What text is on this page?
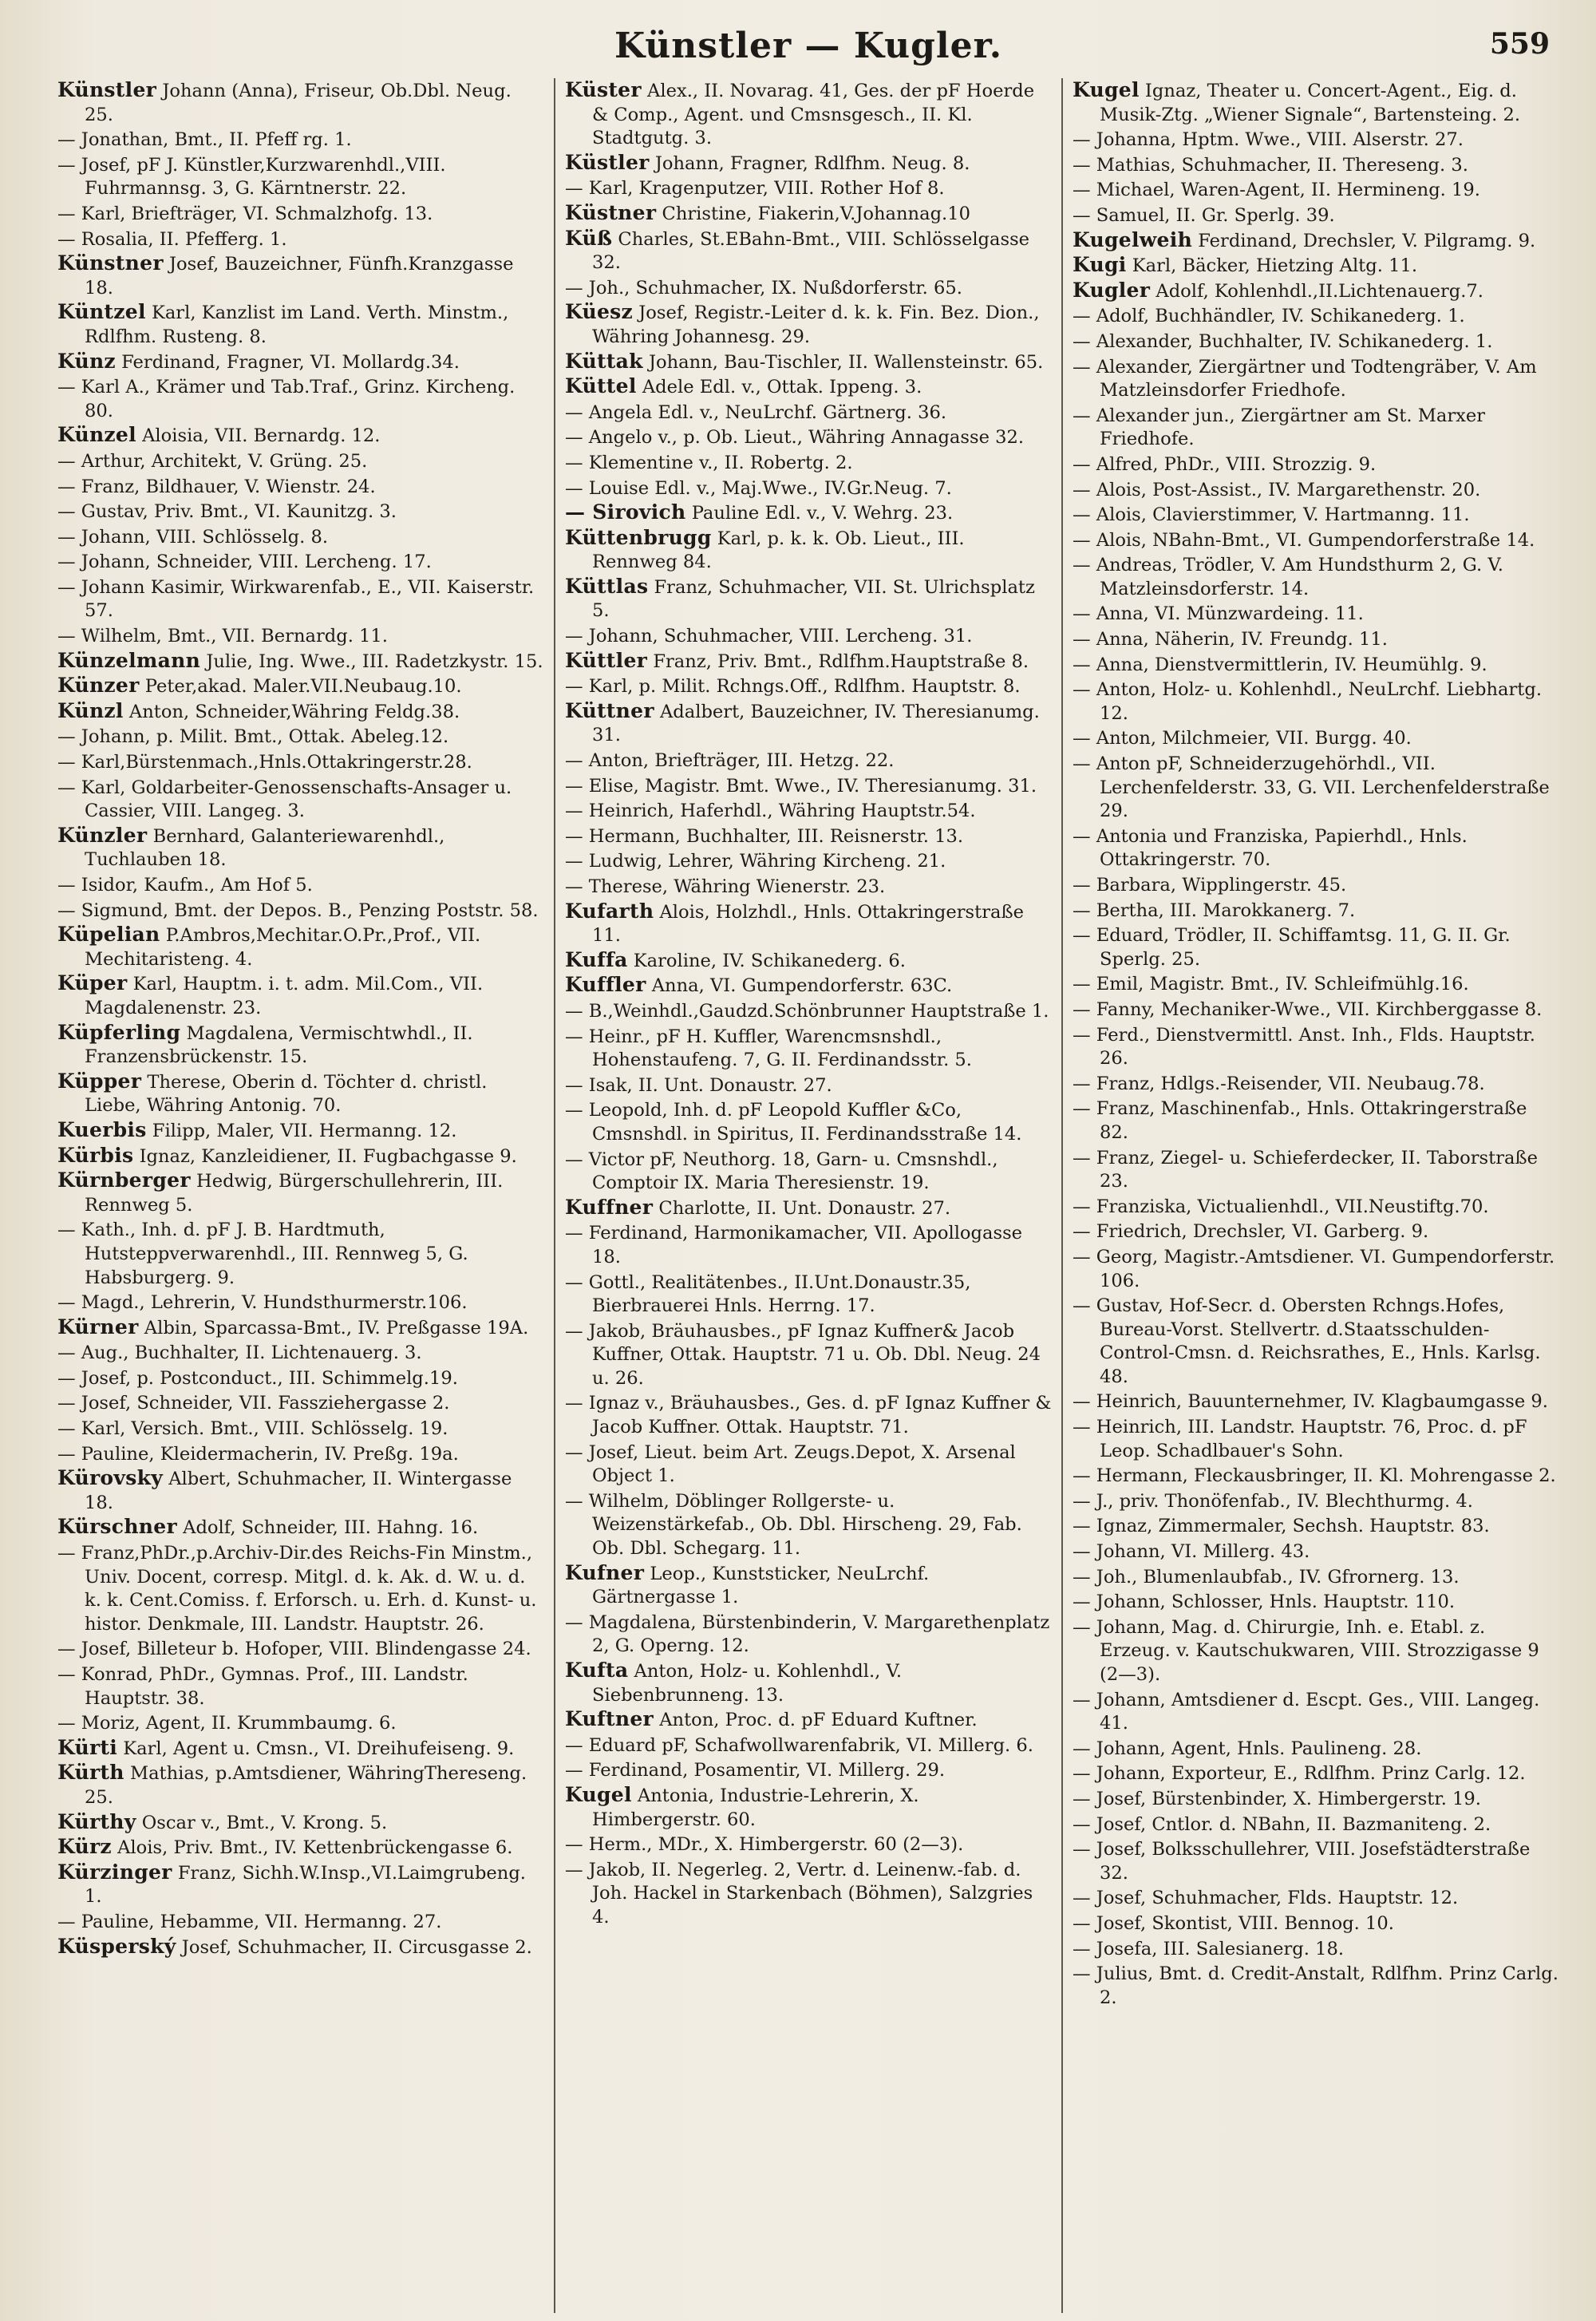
Künstler — Kugler.	559

Künstler Johann (Anna), Friseur, Ob.Dbl. Neug. 25.

— Jonathan, Bmt., II. Pfeff rg. 1.

— Josef, pF J. Künstler,Kurzwarenhdl.,VIII. Fuhrmannsg. 3, G. Kärntnerstr. 22.

— Karl, Briefträger, VI. Schmalzhofg. 13.

— Rosalia, II. Pfefferg. 1.

Künstner Josef, Bauzeichner, Fünfh.Kranzgasse 18.

Küntzel Karl, Kanzlist im Land. Verth. Minstm., Rdlfhm. Rusteng. 8.

Künz Ferdinand, Fragner, VI. Mollardg.34.

— Karl A., Krämer und Tab.Traf., Grinz. Kircheng. 80.

Künzel Aloisia, VII. Bernardg. 12.

— Arthur, Architekt, V. Grüng. 25.

— Franz, Bildhauer, V. Wienstr. 24.

— Gustav, Priv. Bmt., VI. Kaunitzg. 3.

— Johann, VIII. Schlösselg. 8.

— Johann, Schneider, VIII. Lercheng. 17.

— Johann Kasimir, Wirkwarenfab., E., VII. Kaiserstr. 57.

— Wilhelm, Bmt., VII. Bernardg. 11.

Künzelmann Julie, Ing. Wwe., III. Radetzkystr. 15.

Künzer Peter,akad. Maler.VII.Neubaug.10.

Künzl Anton, Schneider,Währing Feldg.38.

— Johann, p. Milit. Bmt., Ottak. Abeleg.12.

— Karl,Bürstenmach.,Hnls.Ottakringerstr.28.

— Karl, Goldarbeiter-Genossenschafts-Ansager u. Cassier, VIII. Langeg. 3.

Künzler Bernhard, Galanteriewarenhdl., Tuchlauben 18.

— Isidor, Kaufm., Am Hof 5.

— Sigmund, Bmt. der Depos. B., Penzing Poststr. 58.

Küpelian P.Ambros,Mechitar.O.Pr.,Prof., VII. Mechitaristeng. 4.

Küper Karl, Hauptm. i. t. adm. Mil.Com., VII. Magdalenenstr. 23.

Küpferling Magdalena, Vermischtwhdl., II. Franzensbrückenstr. 15.

Küpper Therese, Oberin d. Töchter d. christl. Liebe, Währing Antonig. 70.

Kuerbis Filipp, Maler, VII. Hermanng. 12.

Kürbis Ignaz, Kanzleidiener, II. Fugbachgasse 9.

Kürnberger Hedwig, Bürgerschullehrerin, III. Rennweg 5.

— Kath., Inh. d. pF J. B. Hardtmuth, Hutsteppverwarenhdl., III. Rennweg 5, G. Habsburgerg. 9.

— Magd., Lehrerin, V. Hundsthurmerstr.106.

Kürner Albin, Sparcassa-Bmt., IV. Preßgasse 19A.

— Aug., Buchhalter, II. Lichtenauerg. 3.

— Josef, p. Postconduct., III. Schimmelg.19.

— Josef, Schneider, VII. Fassziehergasse 2.

— Karl, Versich. Bmt., VIII. Schlösselg. 19.

— Pauline, Kleidermacherin, IV. Preßg. 19a.

Kürovsky Albert, Schuhmacher, II. Wintergasse 18.

Kürschner Adolf, Schneider, III. Hahng. 16.

— Franz,PhDr.,p.Archiv-Dir.des Reichs-Fin Minstm., Univ. Docent, corresp. Mitgl. d. k. Ak. d. W. u. d. k. k. Cent.Comiss. f. Erforsch. u. Erh. d. Kunst- u. histor. Denkmale, III. Landstr. Hauptstr. 26.

— Josef, Billeteur b. Hofoper, VIII. Blindengasse 24.

— Konrad, PhDr., Gymnas. Prof., III. Landstr. Hauptstr. 38.

— Moriz, Agent, II. Krummbaumg. 6.

Kürti Karl, Agent u. Cmsn., VI. Dreihufeiseng. 9.

Kürth Mathias, p.Amtsdiener, WähringThereseng. 25.

Kürthy Oscar v., Bmt., V. Krong. 5.

Kürz Alois, Priv. Bmt., IV. Kettenbrückengasse 6.

Kürzinger Franz, Sichh.W.Insp.,VI.Laimgrubeng. 1.

— Pauline, Hebamme, VII. Hermanng. 27.

Küsperský Josef, Schuhmacher, II. Circusgasse 2.

Küster Alex., II. Novarag. 41, Ges. der pF Hoerde & Comp., Agent. und Cmsnsgesch., II. Kl. Stadtgutg. 3.

Küstler Johann, Fragner, Rdlfhm. Neug. 8.

— Karl, Kragenputzer, VIII. Rother Hof 8.

Küstner Christine, Fiakerin,V.Johannag.10

Küß Charles, St.EBahn-Bmt., VIII. Schlösselgasse 32.

— Joh., Schuhmacher, IX. Nußdorferstr. 65.

Küesz Josef, Registr.-Leiter d. k. k. Fin. Bez. Dion., Währing Johannesg. 29.

Küttak Johann, Bau-Tischler, II. Wallensteinstr. 65.

Küttel Adele Edl. v., Ottak. Ippeng. 3.

— Angela Edl. v., NeuLrchf. Gärtnerg. 36.

— Angelo v., p. Ob. Lieut., Währing Annagasse 32.

— Klementine v., II. Robertg. 2.

— Louise Edl. v., Maj.Wwe., IV.Gr.Neug. 7.

— Sirovich Pauline Edl. v., V. Wehrg. 23.

Küttenbrugg Karl, p. k. k. Ob. Lieut., III. Rennweg 84.

Küttlas Franz, Schuhmacher, VII. St. Ulrichsplatz 5.

— Johann, Schuhmacher, VIII. Lercheng. 31.

Küttler Franz, Priv. Bmt., Rdlfhm.Hauptstraße 8.

— Karl, p. Milit. Rchngs.Off., Rdlfhm. Hauptstr. 8.

Küttner Adalbert, Bauzeichner, IV. Theresianumg. 31.

— Anton, Briefträger, III. Hetzg. 22.

— Elise, Magistr. Bmt. Wwe., IV. Theresianumg. 31.

— Heinrich, Haferhdl., Währing Hauptstr.54.

— Hermann, Buchhalter, III. Reisnerstr. 13.

— Ludwig, Lehrer, Währing Kircheng. 21.

— Therese, Währing Wienerstr. 23.

Kufarth Alois, Holzhdl., Hnls. Ottakringerstraße 11.

Kuffa Karoline, IV. Schikanederg. 6.

Kuffler Anna, VI. Gumpendorferstr. 63C.

— B.,Weinhdl.,Gaudzd.Schönbrunner Hauptstraße 1.

— Heinr., pF H. Kuffler, Warencmsnshdl., Hohenstaufeng. 7, G. II. Ferdinandsstr. 5.

— Isak, II. Unt. Donaustr. 27.

— Leopold, Inh. d. pF Leopold Kuffler &Co, Cmsnshdl. in Spiritus, II. Ferdinandsstraße 14.

— Victor pF, Neuthorg. 18, Garn- u. Cmsnshdl., Comptoir IX. Maria Theresienstr. 19.

Kuffner Charlotte, II. Unt. Donaustr. 27.

— Ferdinand, Harmonikamacher, VII. Apollogasse 18.

— Gottl., Realitätenbes., II.Unt.Donaustr.35, Bierbrauerei Hnls. Herrng. 17.

— Jakob, Bräuhausbes., pF Ignaz Kuffner& Jacob Kuffner, Ottak. Hauptstr. 71 u. Ob. Dbl. Neug. 24 u. 26.

— Ignaz v., Bräuhausbes., Ges. d. pF Ignaz Kuffner & Jacob Kuffner. Ottak. Hauptstr. 71.

— Josef, Lieut. beim Art. Zeugs.Depot, X. Arsenal Object 1.

— Wilhelm, Döblinger Rollgerste- u. Weizenstärkefab., Ob. Dbl. Hirscheng. 29, Fab. Ob. Dbl. Schegarg. 11.

Kufner Leop., Kunststicker, NeuLrchf. Gärtnergasse 1.

— Magdalena, Bürstenbinderin, V. Margarethenplatz 2, G. Operng. 12.

Kufta Anton, Holz- u. Kohlenhdl., V. Siebenbrunneng. 13.

Kuftner Anton, Proc. d. pF Eduard Kuftner.

— Eduard pF, Schafwollwarenfabrik, VI. Millerg. 6.

— Ferdinand, Posamentir, VI. Millerg. 29.

Kugel Antonia, Industrie-Lehrerin, X. Himbergerstr. 60.

— Herm., MDr., X. Himbergerstr. 60 (2—3).

— Jakob, II. Negerleg. 2, Vertr. d. Leinenw.-fab. d. Joh. Hackel in Starkenbach (Böhmen), Salzgries 4.

Kugel Ignaz, Theater u. Concert-Agent., Eig. d. Musik-Ztg. „Wiener Signale“, Bartensteing. 2.

— Johanna, Hptm. Wwe., VIII. Alserstr. 27.

— Mathias, Schuhmacher, II. Thereseng. 3.

— Michael, Waren-Agent, II. Hermineng. 19.

— Samuel, II. Gr. Sperlg. 39.

Kugelweih Ferdinand, Drechsler, V. Pilgramg. 9.

Kugi Karl, Bäcker, Hietzing Altg. 11.

Kugler Adolf, Kohlenhdl.,II.Lichtenauerg.7.

— Adolf, Buchhändler, IV. Schikanederg. 1.

— Alexander, Buchhalter, IV. Schikanederg. 1.

— Alexander, Ziergärtner und Todtengräber, V. Am Matzleinsdorfer Friedhofe.

— Alexander jun., Ziergärtner am St. Marxer Friedhofe.

— Alfred, PhDr., VIII. Strozzig. 9.

— Alois, Post-Assist., IV. Margarethenstr. 20.

— Alois, Clavierstimmer, V. Hartmanng. 11.

— Alois, NBahn-Bmt., VI. Gumpendorferstraße 14.

— Andreas, Trödler, V. Am Hundsthurm 2, G. V. Matzleinsdorferstr. 14.

— Anna, VI. Münzwardeing. 11.

— Anna, Näherin, IV. Freundg. 11.

— Anna, Dienstvermittlerin, IV. Heumühlg. 9.

— Anton, Holz- u. Kohlenhdl., NeuLrchf. Liebhartg. 12.

— Anton, Milchmeier, VII. Burgg. 40.

— Anton pF, Schneiderzugehörhdl., VII. Lerchenfelderstr. 33, G. VII. Lerchenfelderstraße 29.

— Antonia und Franziska, Papierhdl., Hnls. Ottakringerstr. 70.

— Barbara, Wipplingerstr. 45.

— Bertha, III. Marokkanerg. 7.

— Eduard, Trödler, II. Schiffamtsg. 11, G. II. Gr. Sperlg. 25.

— Emil, Magistr. Bmt., IV. Schleifmühlg.16.

— Fanny, Mechaniker-Wwe., VII. Kirchberggasse 8.

— Ferd., Dienstvermittl. Anst. Inh., Flds. Hauptstr. 26.

— Franz, Hdlgs.-Reisender, VII. Neubaug.78.

— Franz, Maschinenfab., Hnls. Ottakringerstraße 82.

— Franz, Ziegel- u. Schieferdecker, II. Taborstraße 23.

— Franziska, Victualienhdl., VII.Neustiftg.70.

— Friedrich, Drechsler, VI. Garberg. 9.

— Georg, Magistr.-Amtsdiener. VI. Gumpendorferstr. 106.

— Gustav, Hof-Secr. d. Obersten Rchngs.Hofes, Bureau-Vorst. Stellvertr. d.Staatsschulden-Control-Cmsn. d. Reichsrathes, E., Hnls. Karlsg. 48.

— Heinrich, Bauunternehmer, IV. Klagbaumgasse 9.

— Heinrich, III. Landstr. Hauptstr. 76, Proc. d. pF Leop. Schadlbauer's Sohn.

— Hermann, Fleckausbringer, II. Kl. Mohrengasse 2.

— J., priv. Thonöfenfab., IV. Blechthurmg. 4.

— Ignaz, Zimmermaler, Sechsh. Hauptstr. 83.

— Johann, VI. Millerg. 43.

— Joh., Blumenlaubfab., IV. Gfrornerg. 13.

— Johann, Schlosser, Hnls. Hauptstr. 110.

— Johann, Mag. d. Chirurgie, Inh. e. Etabl. z. Erzeug. v. Kautschukwaren, VIII. Strozzigasse 9 (2—3).

— Johann, Amtsdiener d. Escpt. Ges., VIII. Langeg. 41.

— Johann, Agent, Hnls. Paulineng. 28.

— Johann, Exporteur, E., Rdlfhm. Prinz Carlg. 12.

— Josef, Bürstenbinder, X. Himbergerstr. 19.

— Josef, Cntlor. d. NBahn, II. Bazmaniteng. 2.

— Josef, Bolksschullehrer, VIII. Josefstädterstraße 32.

— Josef, Schuhmacher, Flds. Hauptstr. 12.

— Josef, Skontist, VIII. Bennog. 10.

— Josefa, III. Salesianerg. 18.

— Julius, Bmt. d. Credit-Anstalt, Rdlfhm. Prinz Carlg. 2.
